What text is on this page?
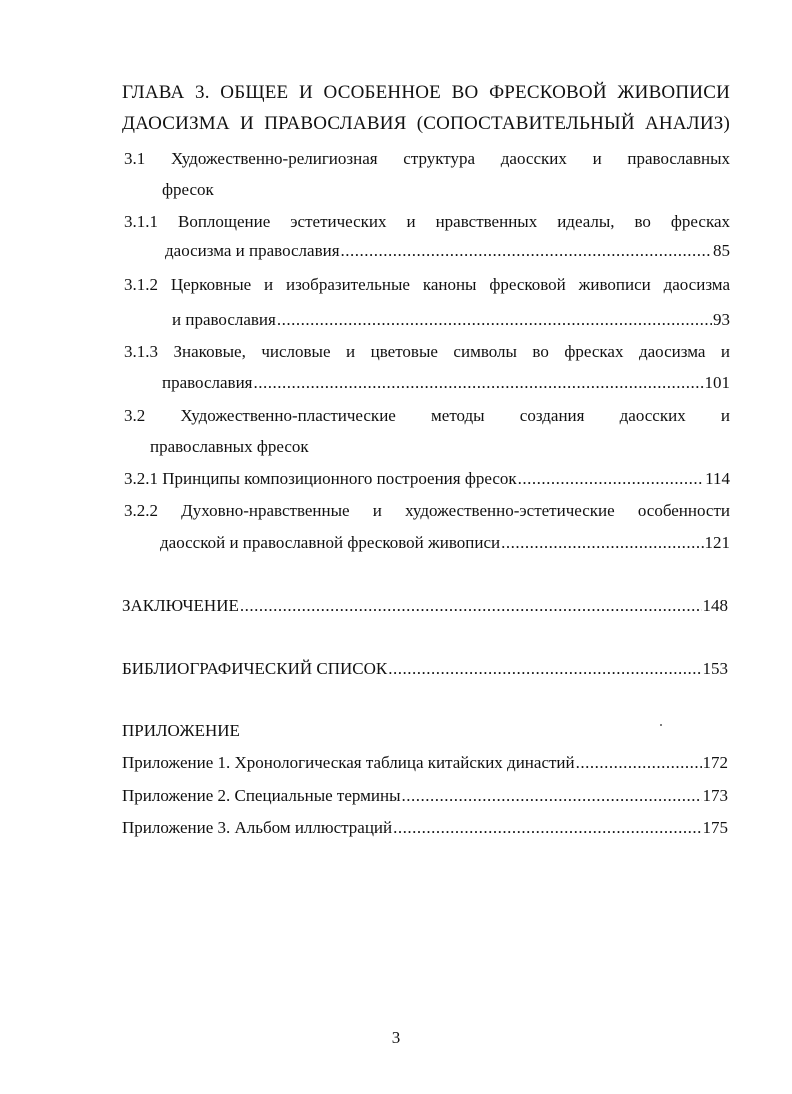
ГЛАВА 3. ОБЩЕЕ И ОСОБЕННОЕ ВО ФРЕСКОВОЙ ЖИВОПИСИ
ДАОСИЗМА И ПРАВОСЛАВИЯ (СОПОСТАВИТЕЛЬНЫЙ АНАЛИЗ)
3.1 Художественно-религиозная структура даосских и православных
фресок
3.1.1 Воплощение эстетических и нравственных идеалы, во фресках
даосизма и православия .....	85
3.1.2 Церковные и изобразительные каноны фресковой живописи даосизма
и православия .....	93
3.1.3 Знаковые, числовые и цветовые символы во фресках даосизма и
православия .....	101
3.2 Художественно-пластические методы создания даосских и
православных фресок
3.2.1 Принципы композиционного построения фресок .....	114
3.2.2 Духовно-нравственные и художественно-эстетические особенности
даосской и православной фресковой живописи .....	121
ЗАКЛЮЧЕНИЕ .....	148
БИБЛИОГРАФИЧЕСКИЙ СПИСОК .....	153
ПРИЛОЖЕНИЕ
Приложение 1. Хронологическая таблица китайских династий .....	172
Приложение 2. Специальные термины .....	173
Приложение 3. Альбом иллюстраций .....	175
3
